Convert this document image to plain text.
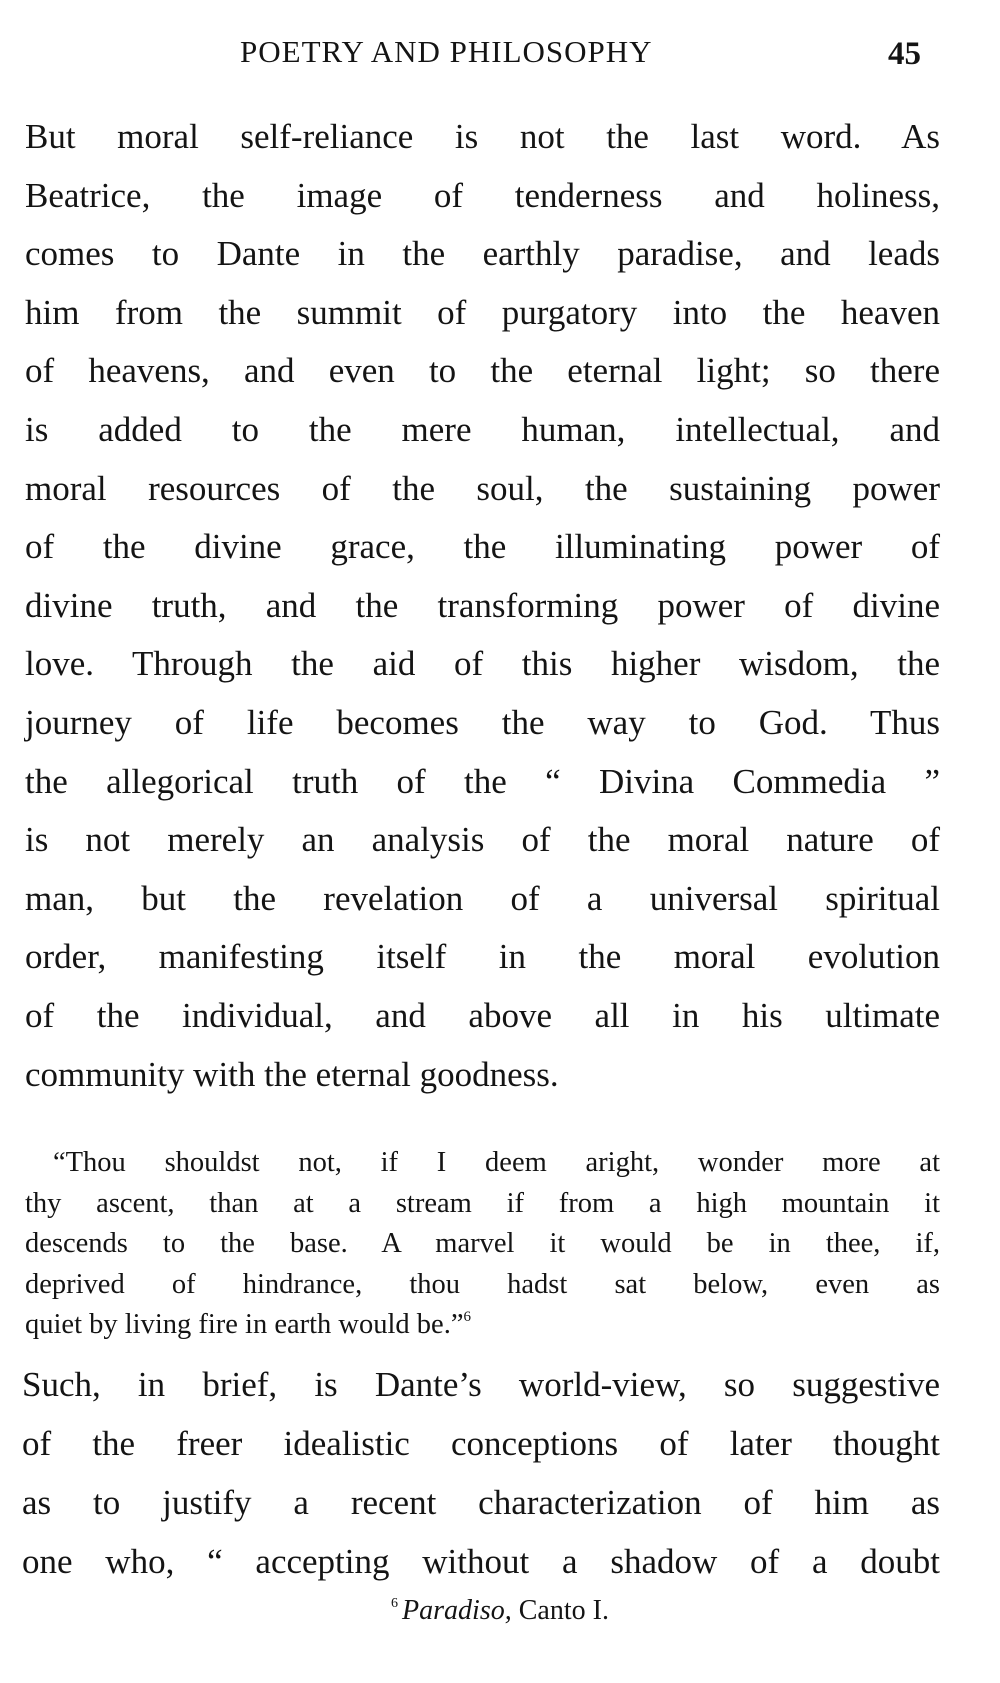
POETRY AND PHILOSOPHY	45
But moral self-reliance is not the last word. As
Beatrice, the image of tenderness and holiness,
comes to Dante in the earthly paradise, and leads
him from the summit of purgatory into the heaven
of heavens, and even to the eternal light; so there
is added to the mere human, intellectual, and
moral resources of the soul, the sustaining power
of the divine grace, the illuminating power of
divine truth, and the transforming power of divine
love. Through the aid of this higher wisdom, the
journey of life becomes the way to God. Thus
the allegorical truth of the “ Divina Commedia ”
is not merely an analysis of the moral nature of
man, but the revelation of a universal spiritual
order, manifesting itself in the moral evolution
of the individual, and above all in his ultimate
community with the eternal goodness.
“Thou shouldst not, if I deem aright, wonder more at
thy ascent, than at a stream if from a high mountain it
descends to the base. A marvel it would be in thee, if,
deprived of hindrance, thou hadst sat below, even as
quiet by living fire in earth would be.”$^6$
Such, in brief, is Dante’s world-view, so suggestive
of the freer idealistic conceptions of later thought
as to justify a recent characterization of him as
one who, “ accepting without a shadow of a doubt
$^6$ Paradiso, Canto I.
